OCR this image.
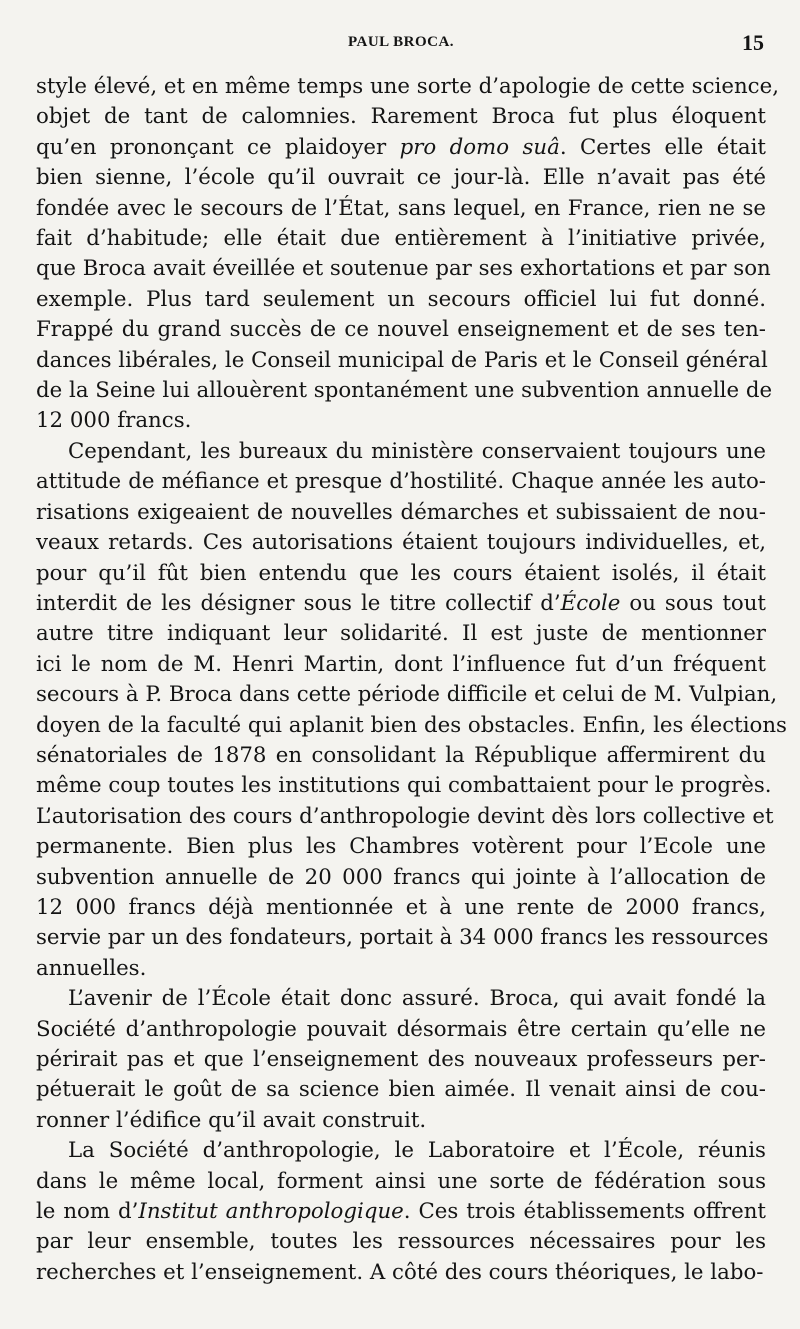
PAUL BROCA.	15

style élevé, et en même temps une sorte d’apologie de cette science,
objet de tant de calomnies. Rarement Broca fut plus éloquent
qu’en prononçant ce plaidoyer pro domo suâ. Certes elle était
bien sienne, l’école qu’il ouvrait ce jour-là. Elle n’avait pas été
fondée avec le secours de l’État, sans lequel, en France, rien ne se
fait d’habitude; elle était due entièrement à l’initiative privée,
que Broca avait éveillée et soutenue par ses exhortations et par son
exemple. Plus tard seulement un secours officiel lui fut donné.
Frappé du grand succès de ce nouvel enseignement et de ses ten-
dances libérales, le Conseil municipal de Paris et le Conseil général
de la Seine lui allouèrent spontanément une subvention annuelle de
12 000 francs.

Cependant, les bureaux du ministère conservaient toujours une
attitude de méfiance et presque d’hostilité. Chaque année les auto-
risations exigeaient de nouvelles démarches et subissaient de nou-
veaux retards. Ces autorisations étaient toujours individuelles, et,
pour qu’il fût bien entendu que les cours étaient isolés, il était
interdit de les désigner sous le titre collectif d’École ou sous tout
autre titre indiquant leur solidarité. Il est juste de mentionner
ici le nom de M. Henri Martin, dont l’influence fut d’un fréquent
secours à P. Broca dans cette période difficile et celui de M. Vulpian,
doyen de la faculté qui aplanit bien des obstacles. Enfin, les élections
sénatoriales de 1878 en consolidant la République affermirent du
même coup toutes les institutions qui combattaient pour le progrès.
L’autorisation des cours d’anthropologie devint dès lors collective et
permanente. Bien plus les Chambres votèrent pour l’Ecole une
subvention annuelle de 20 000 francs qui jointe à l’allocation de
12 000 francs déjà mentionnée et à une rente de 2000 francs,
servie par un des fondateurs, portait à 34 000 francs les ressources
annuelles.

L’avenir de l’École était donc assuré. Broca, qui avait fondé la
Société d’anthropologie pouvait désormais être certain qu’elle ne
périrait pas et que l’enseignement des nouveaux professeurs per-
pétuerait le goût de sa science bien aimée. Il venait ainsi de cou-
ronner l’édifice qu’il avait construit.

La Société d’anthropologie, le Laboratoire et l’École, réunis
dans le même local, forment ainsi une sorte de fédération sous
le nom d’Institut anthropologique. Ces trois établissements offrent
par leur ensemble, toutes les ressources nécessaires pour les
recherches et l’enseignement. A côté des cours théoriques, le labo-
